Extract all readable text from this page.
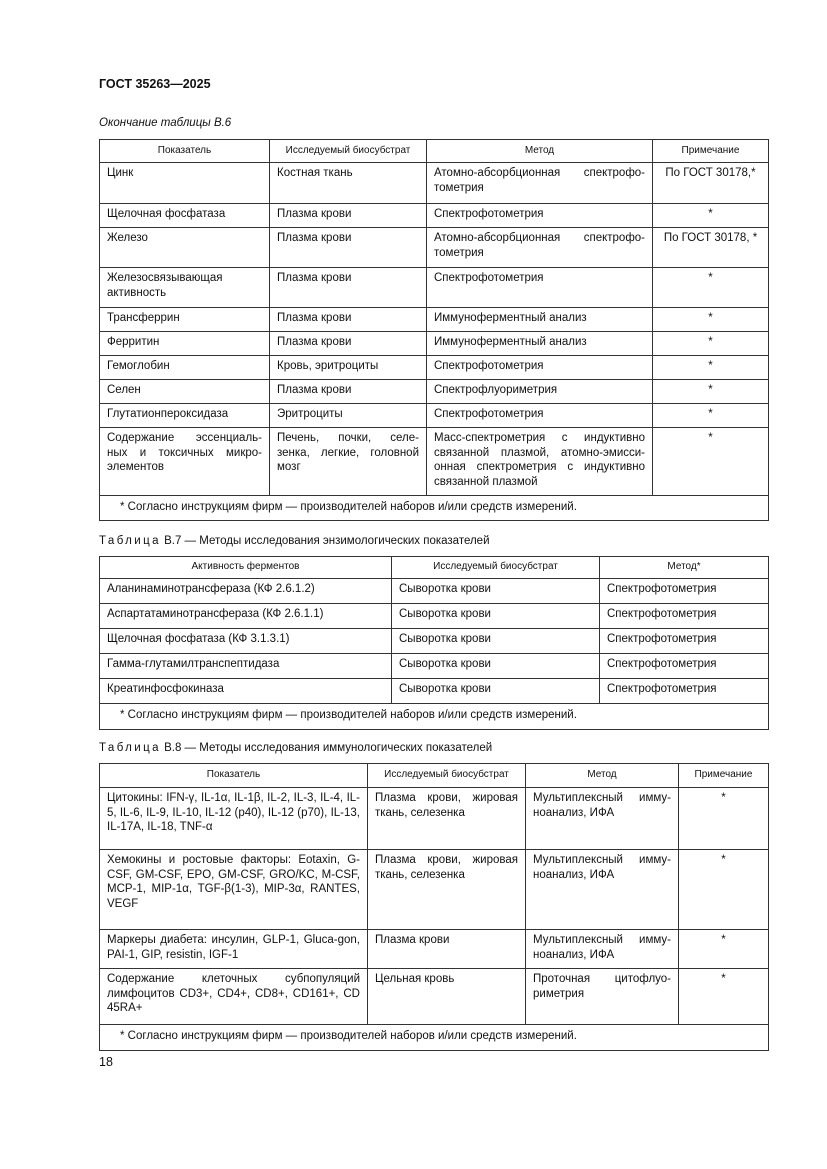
ГОСТ 35263—2025
Окончание таблицы В.6
Показатель	Исследуемый биосубстрат	Метод	Примечание
Цинк	Костная ткань	Атомно-абсорбционная спектрофо-тометрия	По ГОСТ 30178,*
Щелочная фосфатаза	Плазма крови	Спектрофотометрия	*
Железо	Плазма крови	Атомно-абсорбционная спектрофо-тометрия	По ГОСТ 30178, *
Железосвязывающая активность	Плазма крови	Спектрофотометрия	*
Трансферрин	Плазма крови	Иммуноферментный анализ	*
Ферритин	Плазма крови	Иммуноферментный анализ	*
Гемоглобин	Кровь, эритроциты	Спектрофотометрия	*
Селен	Плазма крови	Спектрофлуориметрия	*
Глутатионпероксидаза	Эритроциты	Спектрофотометрия	*
Содержание эссенциаль-ных и токсичных микро-элементов	Печень, почки, селе-зенка, легкие, головной мозг	Масс-спектрометрия с индуктивно связанной плазмой, атомно-эмисси-онная спектрометрия с индуктивно связанной плазмой	*
* Согласно инструкциям фирм — производителей наборов и/или средств измерений.			
Таблица В.7 — Методы исследования энзимологических показателей
Активность ферментов	Исследуемый биосубстрат	Метод*
Аланинаминотрансфераза (КФ 2.6.1.2)	Сыворотка крови	Спектрофотометрия
Аспартатаминотрансфераза (КФ 2.6.1.1)	Сыворотка крови	Спектрофотометрия
Щелочная фосфатаза (КФ 3.1.3.1)	Сыворотка крови	Спектрофотометрия
Гамма-глутамилтранспептидаза	Сыворотка крови	Спектрофотометрия
Креатинфосфокиназа	Сыворотка крови	Спектрофотометрия
* Согласно инструкциям фирм — производителей наборов и/или средств измерений.		
Таблица В.8 — Методы исследования иммунологических показателей
Показатель	Исследуемый биосубстрат	Метод	Примечание
Цитокины: IFN-γ, IL-1α, IL-1β, IL-2, IL-3, IL-4, IL-5, IL-6, IL-9, IL-10, IL-12 (p40), IL-12 (p70), IL-13, IL-17A, IL-18, TNF-α	Плазма крови, жировая ткань, селезенка	Мультиплексный имму-ноанализ, ИФА	*
Хемокины и ростовые факторы: Eotaxin, G-CSF, GM-CSF, EPO, GM-CSF, GRO/KC, M-CSF, MCP-1, MIP-1α, TGF-β(1-3), MIP-3α, RANTES, VEGF	Плазма крови, жировая ткань, селезенка	Мультиплексный имму-ноанализ, ИФА	*
Маркеры диабета: инсулин, GLP-1, Gluca-gon, PAI-1, GIP, resistin, IGF-1	Плазма крови	Мультиплексный имму-ноанализ, ИФА	*
Содержание клеточных субпопуляций лимфоцитов CD3+, CD4+, CD8+, CD161+, CD 45RA+	Цельная кровь	Проточная цитофлуо-риметрия	*
* Согласно инструкциям фирм — производителей наборов и/или средств измерений.			
18
